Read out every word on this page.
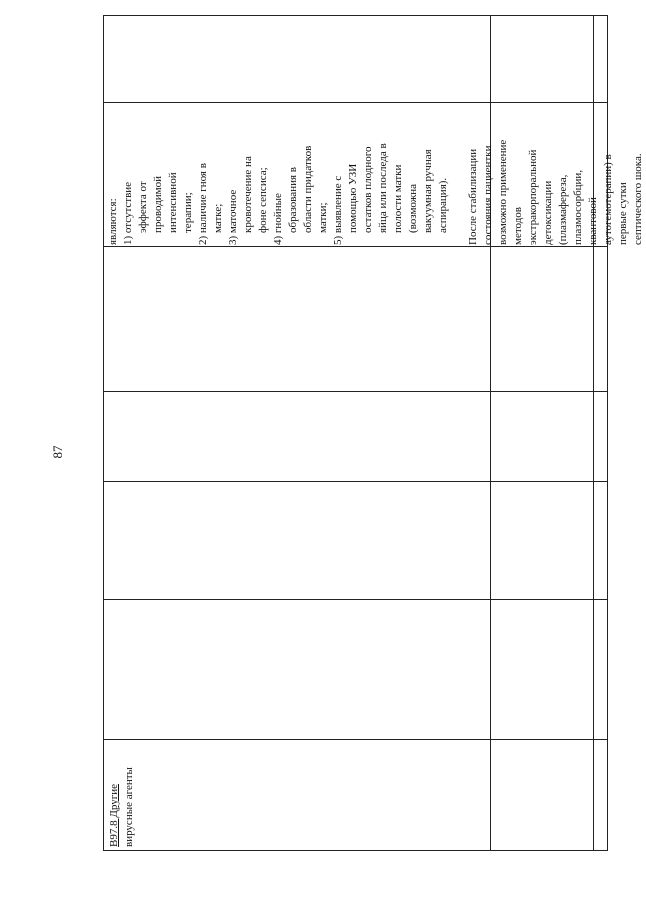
87
В97.8 Другие вирусные агенты
являются: 1) отсутствие эффекта от проводимой интенсивной терапии; 2) наличие гноя в матке; 3) маточное кровотечение на фоне сепсиса; 4) гнойные образования в области придатков матки; 5) выявление с помощью УЗИ остатков плодного яйца или последа в полости матки (возможна вакуумная ручная аспирация). После стабилизации состояния пациентки возможно применение методов экстракорпоральной детоксикации (плазмафереза, плазмосорбции, квантовой аутогемотерапии) в первые сутки септического шока.
